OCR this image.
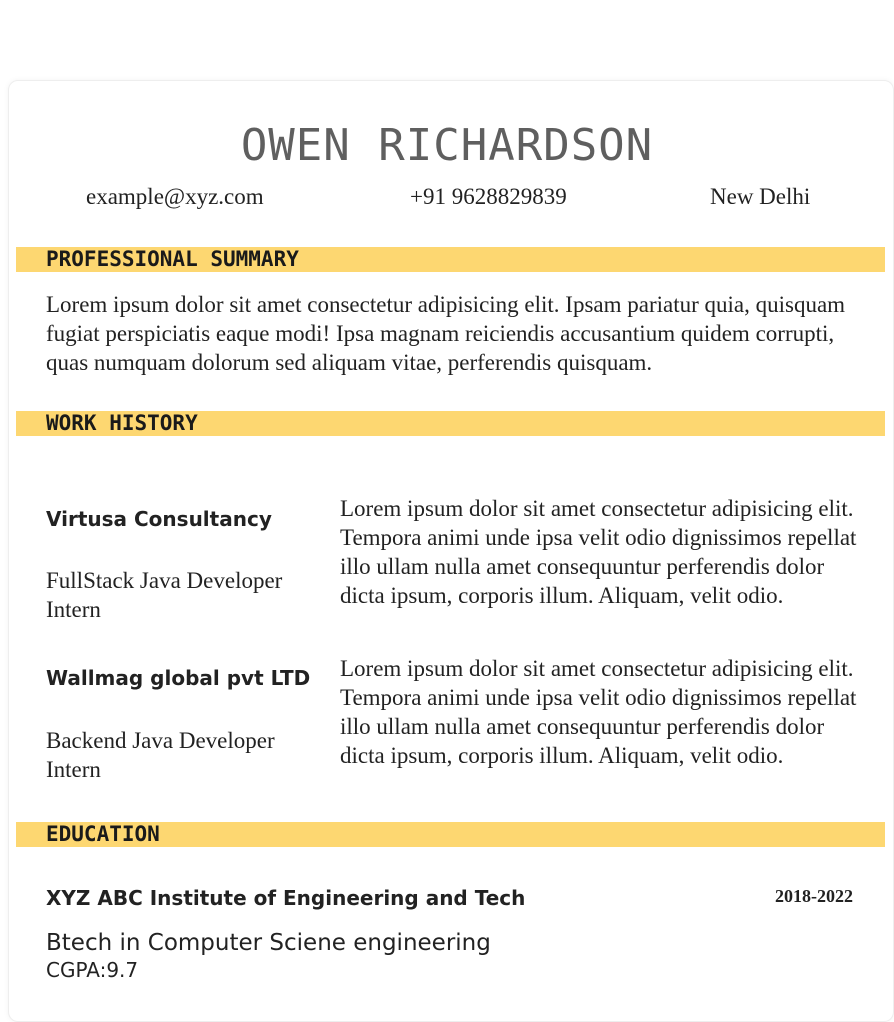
OWEN RICHARDSON
example@xyz.com	+91 9628829839	New Delhi
PROFESSIONAL SUMMARY
Lorem ipsum dolor sit amet consectetur adipisicing elit. Ipsam pariatur quia, quisquam fugiat perspiciatis eaque modi! Ipsa magnam reiciendis accusantium quidem corrupti, quas numquam dolorum sed aliquam vitae, perferendis quisquam.
WORK HISTORY
Virtusa Consultancy
FullStack Java Developer Intern
Lorem ipsum dolor sit amet consectetur adipisicing elit. Tempora animi unde ipsa velit odio dignissimos repellat illo ullam nulla amet consequuntur perferendis dolor dicta ipsum, corporis illum. Aliquam, velit odio.
Wallmag global pvt LTD
Backend Java Developer Intern
Lorem ipsum dolor sit amet consectetur adipisicing elit. Tempora animi unde ipsa velit odio dignissimos repellat illo ullam nulla amet consequuntur perferendis dolor dicta ipsum, corporis illum. Aliquam, velit odio.
EDUCATION
XYZ ABC Institute of Engineering and Tech	2018-2022
Btech in Computer Sciene engineering
CGPA:9.7
